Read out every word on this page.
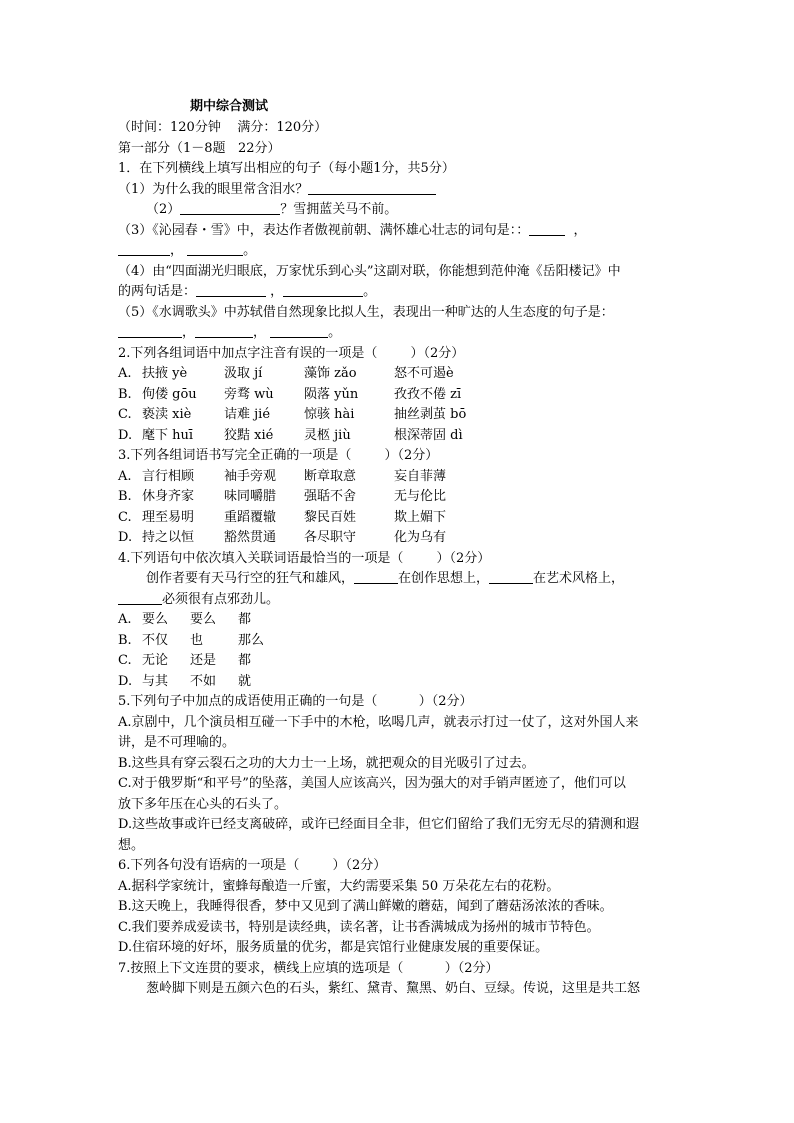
期中综合测试
（时间：120分钟    满分：120分）
第一部分（1－8题   22分）
1．在下列横线上填写出相应的句子（每小题1分，共5分）
（1）为什么我的眼里常含泪水？
（2）	？雪拥蓝关马不前。
（3）《沁园春・雪》中，表达作者傲视前朝、满怀雄心壮志的词句是：：	，
，	。
（4）由“四面湖光归眼底，万家忧乐到心头”这副对联，你能想到范仲淹《岳阳楼记》中
的两句话是：	，	。
（5）《水调歌头》中苏轼借自然现象比拟人生，表现出一种旷达的人生态度的句子是：
，	，	。
2.下列各组词语中加点字注音有误的一项是（        ）（2分）
A. 扶掖 yè	汲取 jí	藻饰 zǎo	怒不可遏è
B. 佝偻 gōu	旁骛 wù	陨落 yǔn	孜孜不倦 zī
C. 亵渎 xiè	诘难 jié	惊骇 hài	抽丝剥茧 bō
D. 麾下 huī	狡黠 xié	灵柩 jiù	根深蒂固 dì
3.下列各组词语书写完全正确的一项是（        ）（2分）
A. 言行相顾	袖手旁观	断章取意	妄自菲薄
B. 休身齐家	味同嚼腊	强聒不舍	无与伦比
C. 理至易明	重蹈覆辙	黎民百姓	欺上媚下
D. 持之以恒	豁然贯通	各尽职守	化为乌有
4.下列语句中依次填入关联词语最恰当的一项是（        ）（2分）
创作者要有天马行空的狂气和雄风，	在创作思想上，	在艺术风格上，
必须很有点邪劲儿。
A. 要么	要么	都
B. 不仅	也	那么
C. 无论	还是	都
D. 与其	不如	就
5.下列句子中加点的成语使用正确的一句是（          ）（2分）
A.京剧中，几个演员相互碰一下手中的木枪，吆喝几声，就表示打过一仗了，这对外国人来
讲，是不可理喻的。
B.这些具有穿云裂石之功的大力士一上场，就把观众的目光吸引了过去。
C.对于俄罗斯“和平号”的坠落，美国人应该高兴，因为强大的对手销声匿迹了，他们可以
放下多年压在心头的石头了。
D.这些故事或许已经支离破碎，或许已经面目全非，但它们留给了我们无穷无尽的猜测和遐
想。
6.下列各句没有语病的一项是（        ）（2分）
A.据科学家统计，蜜蜂每酿造一斤蜜，大约需要采集 50 万朵花左右的花粉。
B.这天晚上，我睡得很香，梦中又见到了满山鲜嫩的蘑菇，闻到了蘑菇汤浓浓的香味。
C.我们要养成爱读书，特别是读经典，读名著，让书香满城成为扬州的城市节特色。
D.住宿环境的好坏，服务质量的优劣，都是宾馆行业健康发展的重要保证。
7.按照上下文连贯的要求，横线上应填的选项是（          ）（2分）
葱岭脚下则是五颜六色的石头，紫红、黛青、黧黑、奶白、豆绿。传说，这里是共工怒
